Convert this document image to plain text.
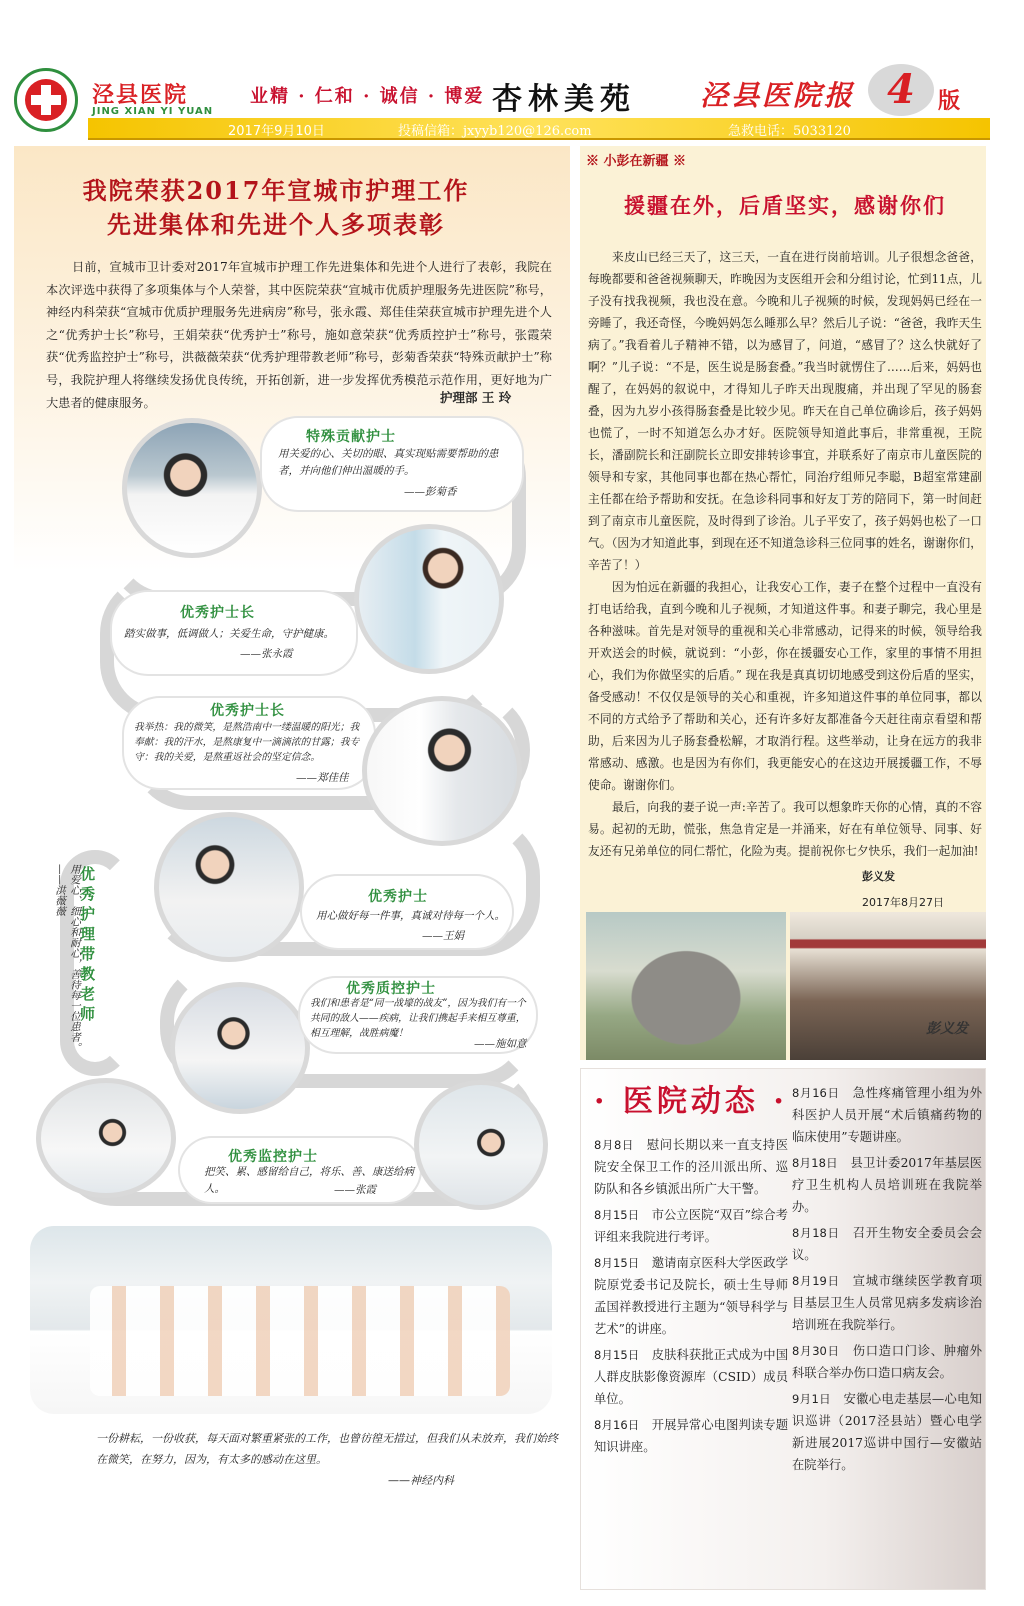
泾县医院
JING XIAN YI YUAN
业精 · 仁和 · 诚信 · 博爱 杏林美苑 泾县医院报 4	版
2017年9月10日	投稿信箱：jxyyb120@126.com	急救电话：5033120
我院荣获2017年宣城市护理工作
先进集体和先进个人多项表彰
日前，宣城市卫计委对2017年宣城市护理工作先进集体和先进个人进行了表彰，我院在本次评选中获得了多项集体与个人荣誉，其中医院荣获“宣城市优质护理服务先进医院”称号，神经内科荣获“宣城市优质护理服务先进病房”称号，张永霞、郑佳佳荣获宣城市护理先进个人之“优秀护士长”称号，王娟荣获“优秀护士”称号，施如意荣获“优秀质控护士”称号，张霞荣获“优秀监控护士”称号，洪薇薇荣获“优秀护理带教老师”称号，彭菊香荣获“特殊贡献护士”称号，我院护理人将继续发扬优良传统，开拓创新，进一步发挥优秀模范示范作用，更好地为广大患者的健康服务。	护理部 王 玲
特殊贡献护士
用关爱的心、关切的眼、真实现贴需要帮助的患者，并向他们伸出温暖的手。
——彭菊香
优秀护士长
踏实做事，低调做人；关爱生命，守护健康。
——张永霞
优秀护士长
我举热：我的微笑，是熬浩南中一缕温暖的阳光；我奉献：我的汗水，是熬康复中一滴滴浓的甘露；我专守：我的关爱，是熬重返社会的坚定信念。
——郑佳佳
优秀护士
用心做好每一件事，真诚对待每一个人。
——王娟
优秀质控护士
我们和患者是“同一战壕的战友”，因为我们有一个共同的敌人——疾病，让我们携起手来相互尊重，相互理解，战胜病魔！
——施如意
优秀护理带教老师
用爱心、细心和耐心，善待每一位患者。 ——洪薇薇
优秀监控护士
把笑、累、感留给自己，将乐、善、康送给病人。	——张霞
一份耕耘，一份收获，每天面对繁重紧张的工作，也曾彷徨无措过，但我们从未放弃，我们始终在微笑，在努力，因为，有太多的感动在这里。
——神经内科
※ 小彭在新疆 ※
援疆在外，后盾坚实，感谢你们

来皮山已经三天了，这三天，一直在进行岗前培训。儿子很想念爸爸，每晚都要和爸爸视频聊天，昨晚因为支医组开会和分组讨论，忙到11点，儿子没有找我视频，我也没在意。今晚和儿子视频的时候，发现妈妈已经在一旁睡了，我还奇怪，今晚妈妈怎么睡那么早？然后儿子说：“爸爸，我昨天生病了。”我看着儿子精神不错，以为感冒了，问道，“感冒了？这么快就好了啊？”儿子说：“不是，医生说是肠套叠。”我当时就愣住了……后来，妈妈也醒了，在妈妈的叙说中，才得知儿子昨天出现腹痛，并出现了罕见的肠套叠，因为九岁小孩得肠套叠是比较少见。昨天在自己单位确诊后，孩子妈妈也慌了，一时不知道怎么办才好。医院领导知道此事后，非常重视，王院长，潘副院长和汪副院长立即安排转诊事宜，并联系好了南京市儿童医院的领导和专家，其他同事也都在热心帮忙，同治疗组师兄李聪，B超室常建副主任都在给予帮助和安抚。在急诊科同事和好友丁芳的陪同下，第一时间赶到了南京市儿童医院，及时得到了诊治。儿子平安了，孩子妈妈也松了一口气。（因为才知道此事，到现在还不知道急诊科三位同事的姓名，谢谢你们，辛苦了！）

因为怕远在新疆的我担心，让我安心工作，妻子在整个过程中一直没有打电话给我，直到今晚和儿子视频，才知道这件事。和妻子聊完，我心里是各种滋味。首先是对领导的重视和关心非常感动，记得来的时候，领导给我开欢送会的时候，就说到：“小彭，你在援疆安心工作，家里的事情不用担心，我们为你做坚实的后盾。” 现在我是真真切切地感受到这份后盾的坚实，备受感动！不仅仅是领导的关心和重视，许多知道这件事的单位同事，都以不同的方式给予了帮助和关心，还有许多好友都准备今天赶往南京看望和帮助，后来因为儿子肠套叠松解，才取消行程。这些举动，让身在远方的我非常感动、感激。也是因为有你们，我更能安心的在这边开展援疆工作，不辱使命。谢谢你们。

最后，向我的妻子说一声:辛苦了。我可以想象昨天你的心情，真的不容易。起初的无助，慌张，焦急肯定是一并涌来，好在有单位领导、同事、好友还有兄弟单位的同仁帮忙，化险为夷。提前祝你七夕快乐，我们一起加油!

彭义发
2017年8月27日
彭义发
· 医院动态 ·

8月8日　 慰问长期以来一直支持医院安全保卫工作的泾川派出所、巡防队和各乡镇派出所广大干警。

8月15日　 市公立医院“双百”综合考评组来我院进行考评。

8月15日　 邀请南京医科大学医政学院原党委书记及院长，硕士生导师孟国祥教授进行主题为“领导科学与艺术”的讲座。

8月15日　 皮肤科获批正式成为中国人群皮肤影像资源库（CSID）成员单位。

8月16日　 开展异常心电图判读专题知识讲座。

8月16日　 急性疼痛管理小组为外科医护人员开展“术后镇痛药物的临床使用”专题讲座。

8月18日　 县卫计委2017年基层医疗卫生机构人员培训班在我院举办。

8月18日　 召开生物安全委员会会议。

8月19日　 宣城市继续医学教育项目基层卫生人员常见病多发病诊治培训班在我院举行。

8月30日　 伤口造口门诊、肿瘤外科联合举办伤口造口病友会。

9月1日　 安徽心电走基层—心电知识巡讲（2017泾县站）暨心电学新进展2017巡讲中国行—安徽站在院举行。
